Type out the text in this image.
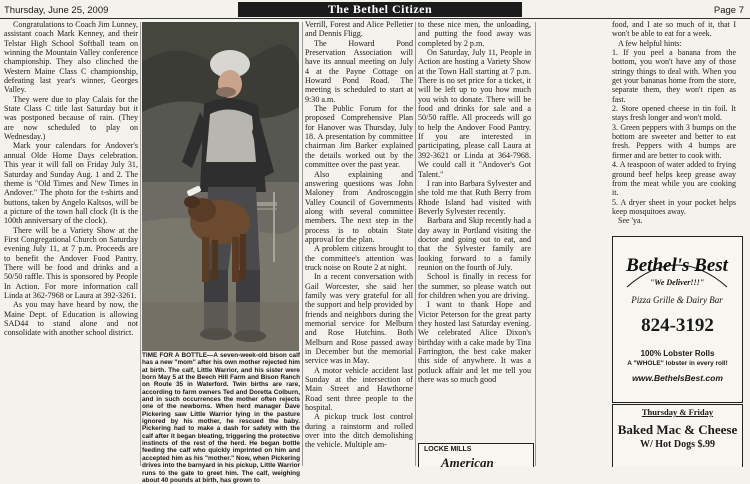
Thursday, June 25, 2009	The Bethel Citizen	Page 7

Congratulations to Coach Jim Lunney, assistant coach Mark Kenney, and their Telstar High School Softball team on winning the Mountain Valley conference championship. They also clinched the Western Maine Class C championship, defeating last year's winner, Georges Valley.

They were due to play Calais for the State Class C title last Saturday but it was postponed because of rain. (They are now scheduled to play on Wednesday.)

Mark your calendars for Andover's annual Olde Home Days celebration. This year it will fall on Friday July 31, Saturday and Sunday Aug. 1 and 2. The theme is "Old Times and New Times in Andover." The photo for the t-shirts and buttons, taken by Angelo Kaltsos, will be a picture of the town hall clock (It is the 100th anniversary of the clock).

There will be a Variety Show at the First Congregational Church on Saturday evening July 11, at 7 p.m. Proceeds are to benefit the Andover Food Pantry. There will be food and drinks and a 50/50 raffle. This is sponsored by People In Action. For more information call Linda at 362-7968 or Laura at 392-3261.

As you may have heard by now, the Maine Dept. of Education is allowing SAD44 to stand alone and not consolidate with another school district.

TIME FOR A BOTTLE—A seven-week-old bison calf has a new "mom" after his own mother rejected him at birth. The calf, Little Warrior, and his sister were born May 5 at the Beech Hill Farm and Bison Ranch on Route 35 in Waterford. Twin births are rare, according to farm owners Ted and Doretta Colburn, and in such occurrences the mother often rejects one of the newborns. When herd manager Dave Pickering saw Little Warrior lying in the pasture ignored by his mother, he rescued the baby. Pickering had to make a dash for safety with the calf after it began bleating, triggering the protective instincts of the rest of the herd. He began bottle feeding the calf who quickly imprinted on him and accepted him as his "mother." Now, when Pickering drives into the barnyard in his pickup, Little Warrior runs to the gate to greet him. The calf, weighing about 40 pounds at birth, has grown to

Verrill, Forest and Alice Pelletier and Dennis Fligg.

The Howard Pond Preservation Association will have its annual meeting on July 4 at the Payne Cottage on Howard Pond Road. The meeting is scheduled to start at 9:30 a.m.

The Public Forum for the proposed Comprehensive Plan for Hanover was Thursday, July 18. A presentation by committee chairman Jim Barker explained the details worked out by the committee over the past year.

Also explaining and answering questions was John Maloney from Androscoggin Valley Council of Governments along with several committee members. The next step in the process is to obtain State approval for the plan.

A problem citizens brought to the committee's attention was truck noise on Route 2 at night.

In a recent conversation with Gail Worcester, she said her family was very grateful for all the support and help provided by friends and neighbors during the memorial service for Melburn and Rose Hutchins. Both Melburn and Rose passed away in December but the memorial service was in May.

A motor vehicle accident last Sunday at the intersection of Main Street and Hawthorne Road sent three people to the hospital.

A pickup truck lost control during a rainstorm and rolled over into the ditch demolishing the vehicle. Multiple am-

to these nice men, the unloading, and putting the food away was completed by 2 p.m.

On Saturday, July 11, People in Action are hosting a Variety Show at the Town Hall starting at 7 p.m. There is no set price for a ticket, it will be left up to you how much you wish to donate. There will be food and drinks for sale and a 50/50 raffle. All proceeds will go to help the Andover Food Pantry. If you are interested in participating, please call Laura at 392-3621 or Linda at 364-7968. We could call it "Andover's Got Talent."

I ran into Barbara Sylvester and she told me that Ruth Berry from Rhode Island had visited with Beverly Sylvester recently.

Barbara and Skip recently had a day away in Portland visiting the doctor and going out to eat, and that the Sylvester family are looking forward to a family reunion on the fourth of July.

School is finally in recess for the summer, so please watch out for children when you are driving.

I want to thank Hope and Victor Peterson for the great party they hosted last Saturday evening. We celebrated Alice Dixon's birthday with a cake made by Tina Farrington, the best cake maker this side of anywhere. It was a potluck affair and let me tell you there was so much good

LOCKE MILLS
American

food, and I ate so much of it, that I won't be able to eat for a week.

A few helpful hints:

1. If you peel a banana from the bottom, you won't have any of those stringy things to deal with. When you get your bananas home from the store, separate them, they won't ripen as fast.

2. Store opened cheese in tin foil. It stays fresh longer and won't mold.

3. Green peppers with 3 bumps on the bottom are sweeter and better to eat fresh. Peppers with 4 bumps are firmer and are better to cook with.

4. A teaspoon of water added to frying ground beef helps keep grease away from the meat while you are cooking it.

5. A dryer sheet in your pocket helps keep mosquitoes away.

See 'ya.

Bethel's Best
"We Deliver!!!"
Pizza Grille & Dairy Bar
824-3192
100% Lobster Rolls
A "WHOLE" lobster in every roll!
www.BethelsBest.com
Thursday & Friday
Baked Mac & Cheese
W/ Hot Dogs $.99
